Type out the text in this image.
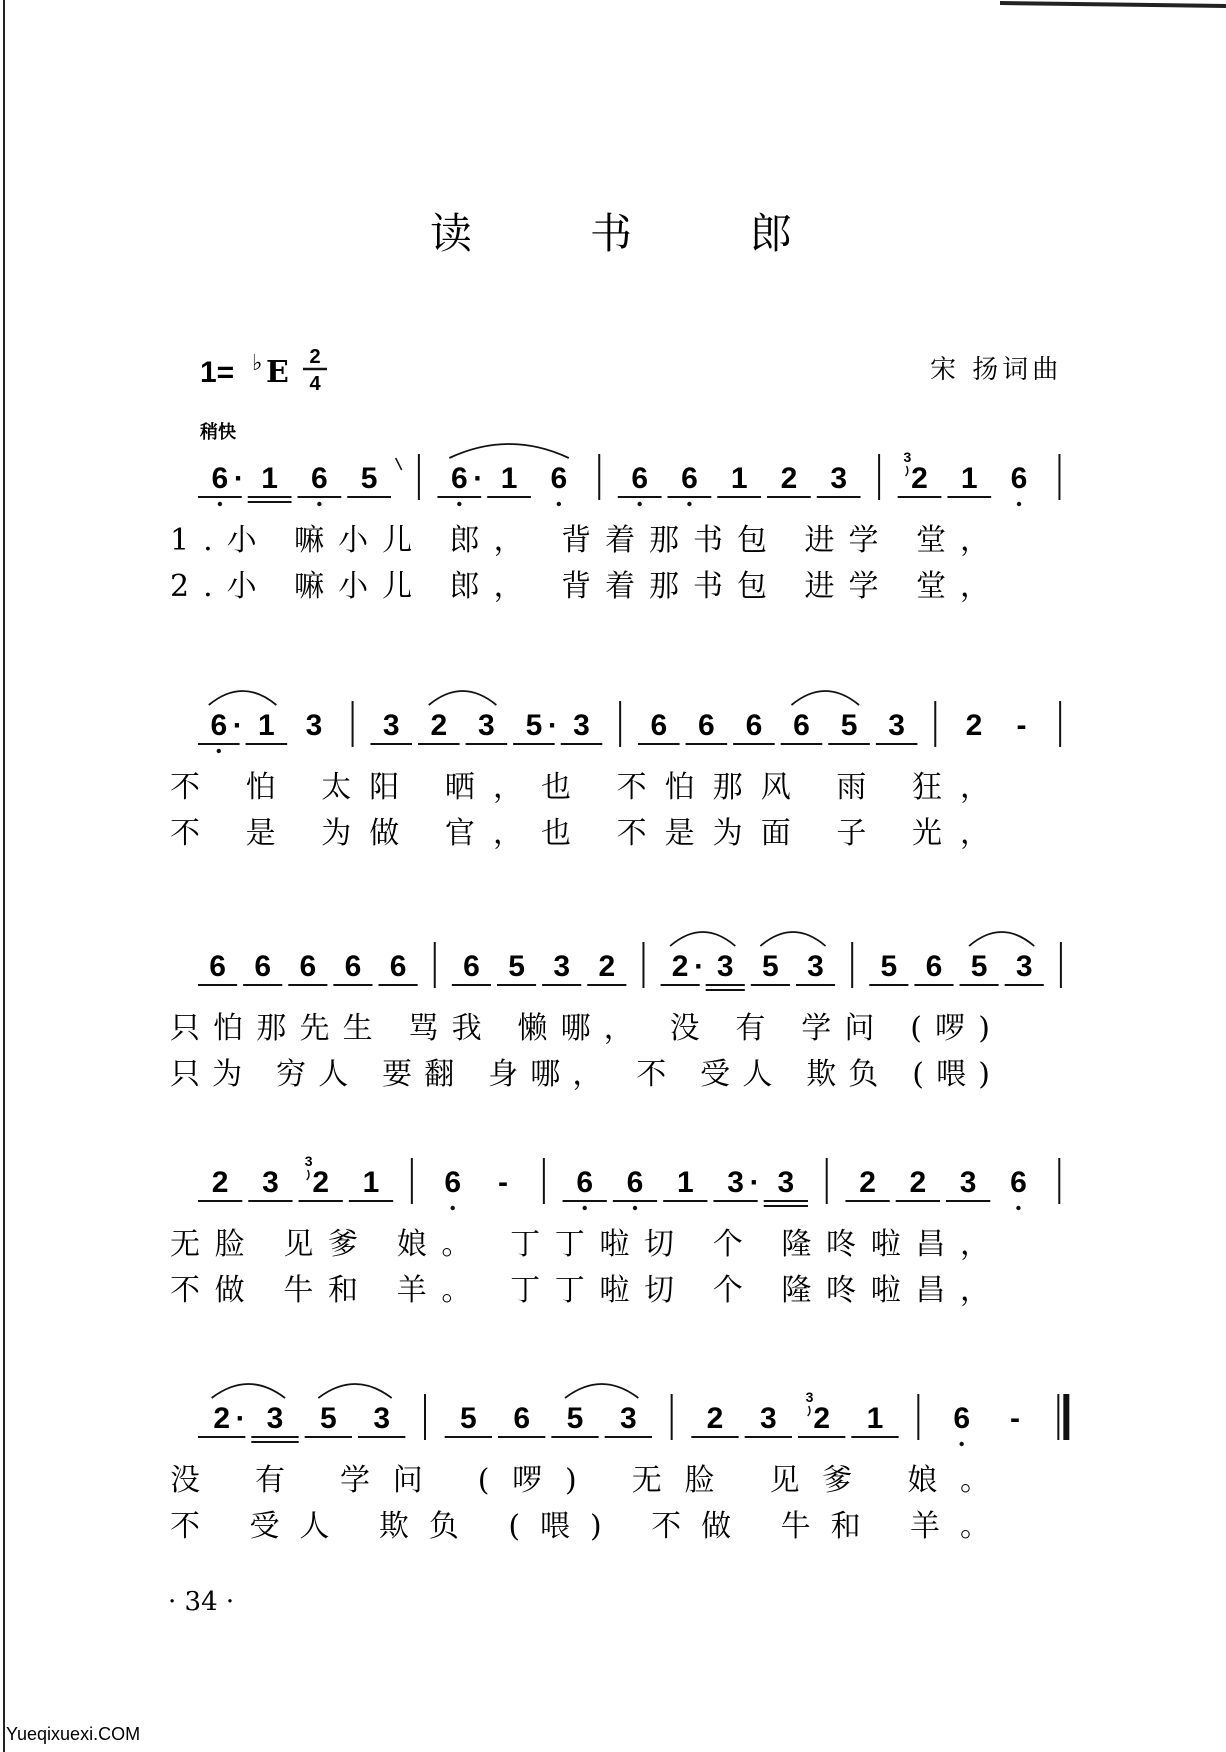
读书郎
1= ♭ E 2
4	宋 扬词曲
稍快
6 · 1 6 5 6 · 1 6 6 6 1 2 3 2
3
1 6
1.小 嘛小儿 郎， 背着那书包 进学 堂，
2.小 嘛小儿 郎， 背着那书包 进学 堂，
6 · 1 3 3 2 3 5 · 3 6 6 6 6 5 3 2 -
不 怕 太阳 晒，也 不怕那风 雨 狂，
不 是 为做 官，也 不是为面 子 光，
6 6 6 6 6 6 5 3 2 2 · 3 5 3 5 6 5 3
只怕那先生 骂我 懒哪， 没 有 学问 (啰)
只为 穷人 要翻 身哪， 不 受人 欺负 (喂)
2 3 2
3
1 6 - 6 6 1 3 · 3 2 2 3 6
无脸 见爹 娘。 丁丁啦切 个 隆咚啦昌，
不做 牛和 羊。 丁丁啦切 个 隆咚啦昌，
2 · 3 5 3 5 6 5 3 2 3 2
3
1 6 -
没 有 学问 (啰) 无脸 见爹 娘。
不 受人 欺负 (喂) 不做 牛和 羊。
· 34 ·
Yueqixuexi.COM
